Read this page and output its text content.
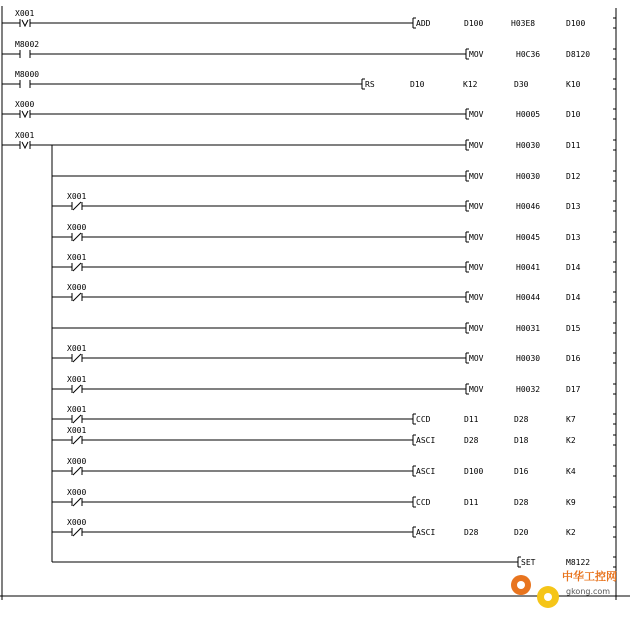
X001
ADD	D100	H03E8	D100
M8002
MOV	H0C36	D8120
M8000
RS	D10	K12	D30	K10
X000
MOV	H0005	D10
X001
MOV	H0030	D11
MOV	H0030	D12
X001
MOV	H0046	D13
X000
MOV	H0045	D13
X001
MOV	H0041	D14
X000
MOV	H0044	D14
MOV	H0031	D15
X001
MOV	H0030	D16
X001
MOV	H0032	D17
X001
CCD	D11	D28	K7
X001
ASCI	D28	D18	K2
X000
ASCI	D100	D16	K4
X000
CCD	D11	D28	K9
X000
ASCI	D28	D20	K2
SET	M8122
中华工控网
gkong.com
